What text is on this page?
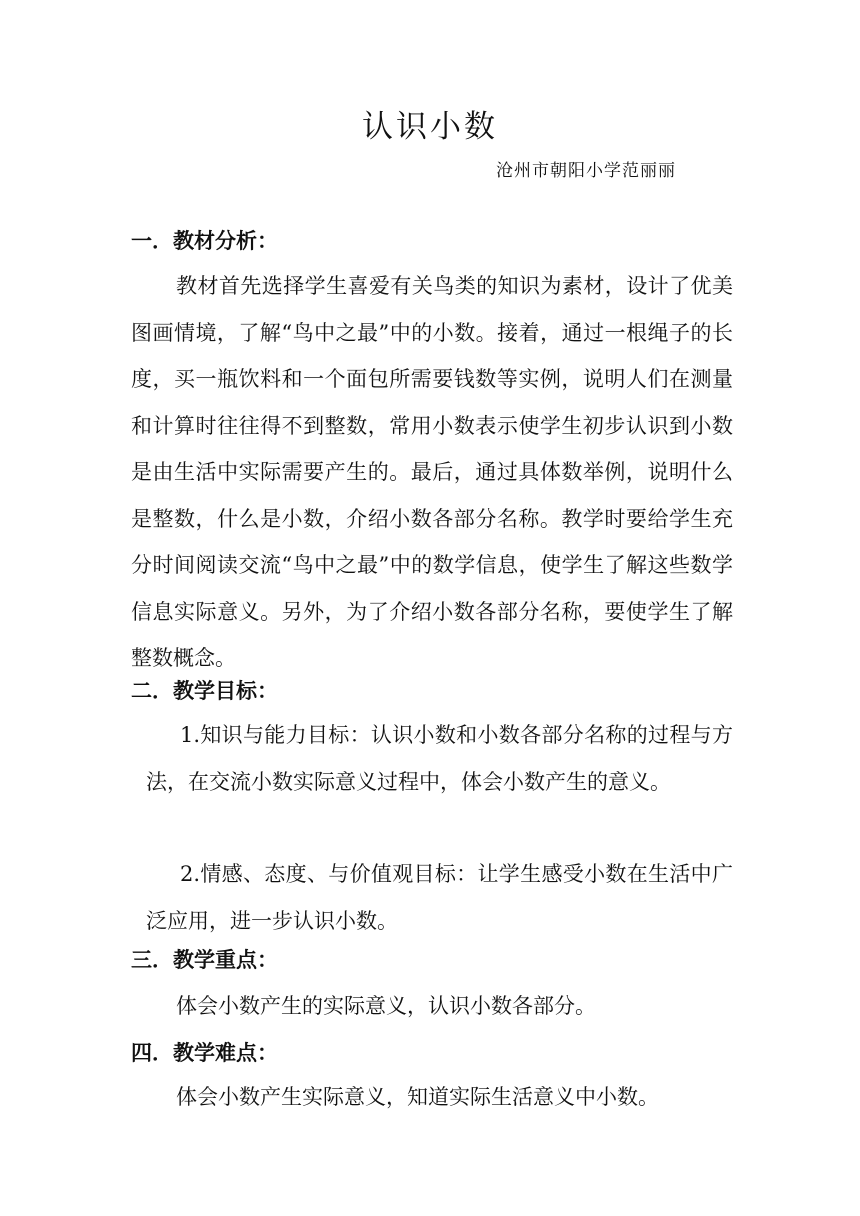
认识小数
沧州市朝阳小学范丽丽
一．教材分析：
教材首先选择学生喜爱有关鸟类的知识为素材，设计了优美图画情境，了解“鸟中之最”中的小数。接着，通过一根绳子的长度，买一瓶饮料和一个面包所需要钱数等实例，说明人们在测量和计算时往往得不到整数，常用小数表示使学生初步认识到小数是由生活中实际需要产生的。最后，通过具体数举例，说明什么是整数，什么是小数，介绍小数各部分名称。教学时要给学生充分时间阅读交流“鸟中之最”中的数学信息，使学生了解这些数学信息实际意义。另外，为了介绍小数各部分名称，要使学生了解整数概念。
二．教学目标：
1.知识与能力目标：认识小数和小数各部分名称的过程与方法，在交流小数实际意义过程中，体会小数产生的意义。
2.情感、态度、与价值观目标：让学生感受小数在生活中广泛应用，进一步认识小数。
三．教学重点：
体会小数产生的实际意义，认识小数各部分。
四．教学难点：
体会小数产生实际意义，知道实际生活意义中小数。
